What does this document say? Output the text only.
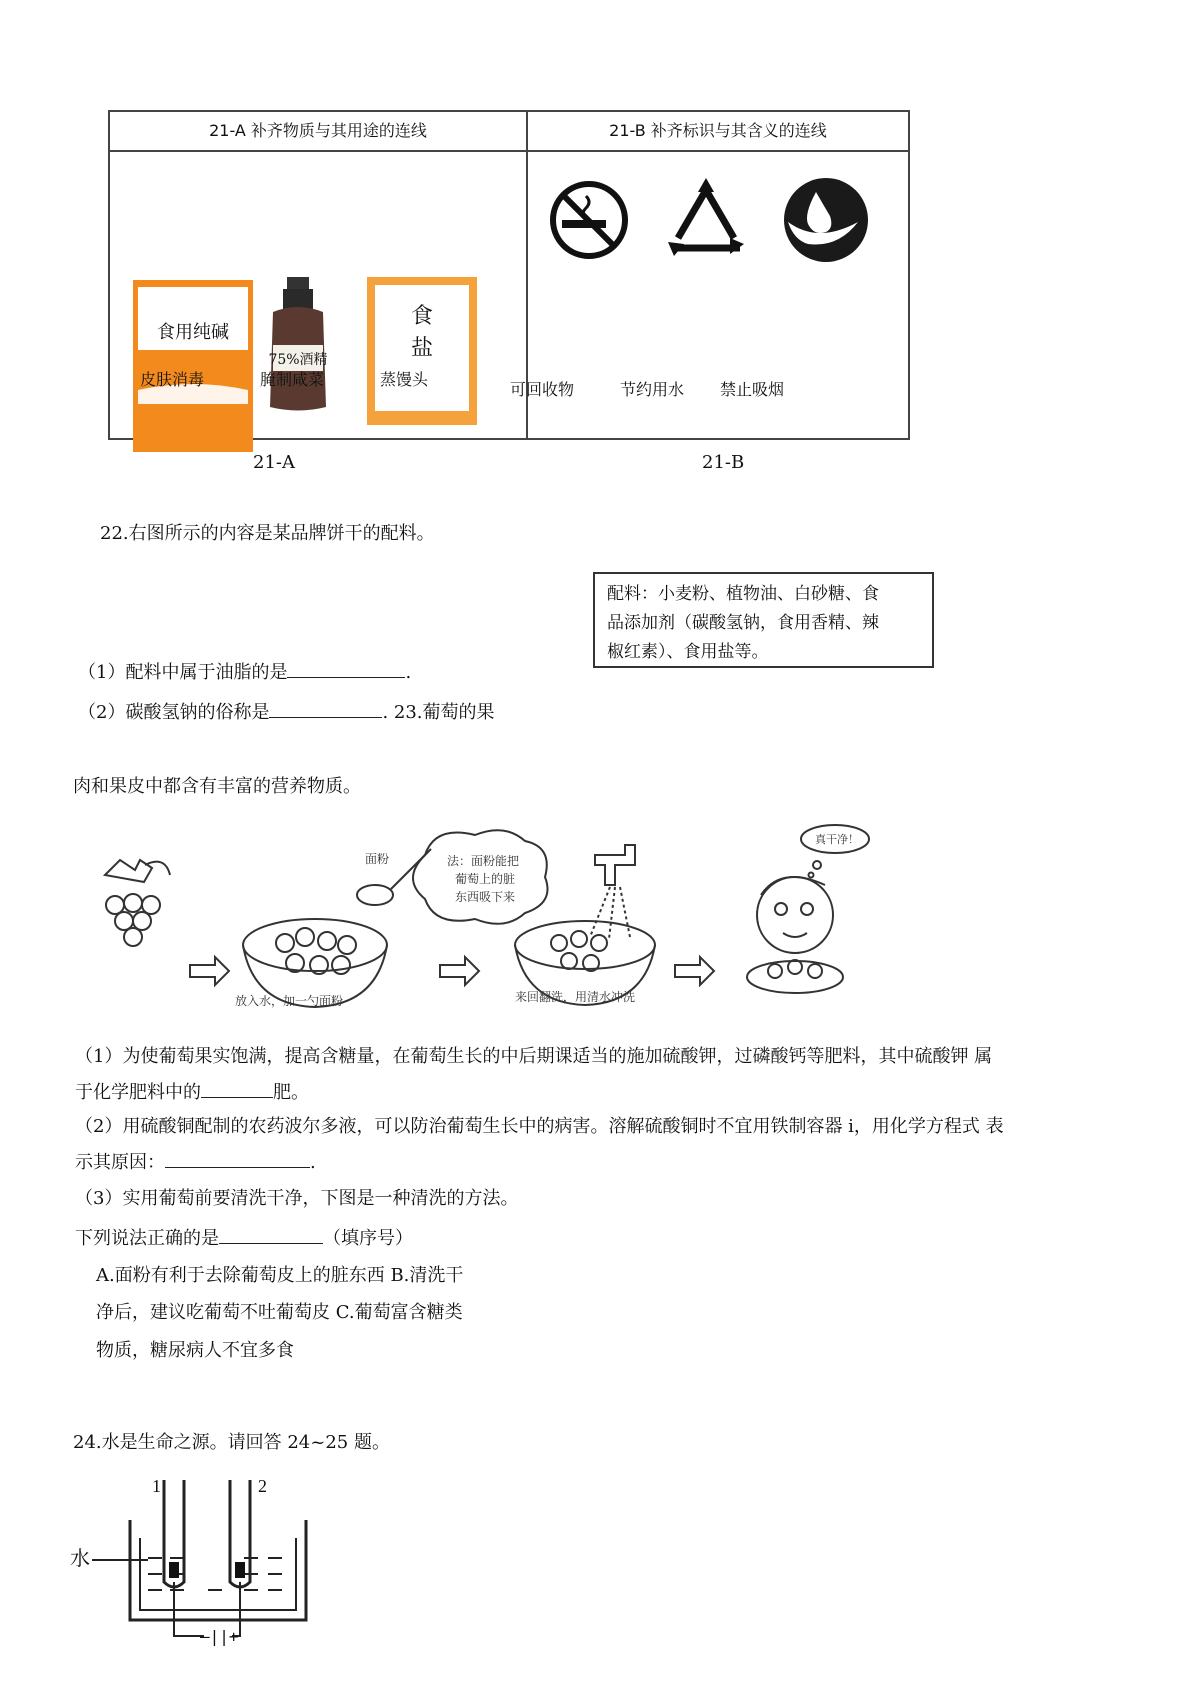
21-A 补齐物质与其用途的连线	21-B 补齐标识与其含义的连线
食用纯碱
75%酒精
食
盐
皮肤消毒	腌制咸菜	蒸馒头
可回收物	节约用水 禁止吸烟
21-A	21-B
22.右图所示的内容是某品牌饼干的配料。
配料：小麦粉、植物油、白砂糖、食
品添加剂（碳酸氢钠，食用香精、辣
椒红素）、食用盐等。
（1）配料中属于油脂的是	.
（2）碳酸氢钠的俗称是	. 23.葡萄的果
肉和果皮中都含有丰富的营养物质。
面粉	法：面粉能把
葡萄上的脏
东西吸下来
真干净！
放入水，加一勺面粉	来回翻洗，用清水冲洗
（1）为使葡萄果实饱满，提高含糖量，在葡萄生长的中后期课适当的施加硫酸钾，过磷酸钙等肥料，其中硫酸钾 属
于化学肥料中的	肥。
（2）用硫酸铜配制的农药波尔多液，可以防治葡萄生长中的病害。溶解硫酸铜时不宜用铁制容器 i，用化学方程式 表
示其原因：	.
（3）实用葡萄前要清洗干净，下图是一种清洗的方法。
下列说法正确的是	（填序号）
A.面粉有利于去除葡萄皮上的脏东西 B.清洗干
净后，建议吃葡萄不吐葡萄皮 C.葡萄富含糖类
物质，糖尿病人不宜多食
24.水是生命之源。请回答 24~25 题。
1	2
水
–||+
